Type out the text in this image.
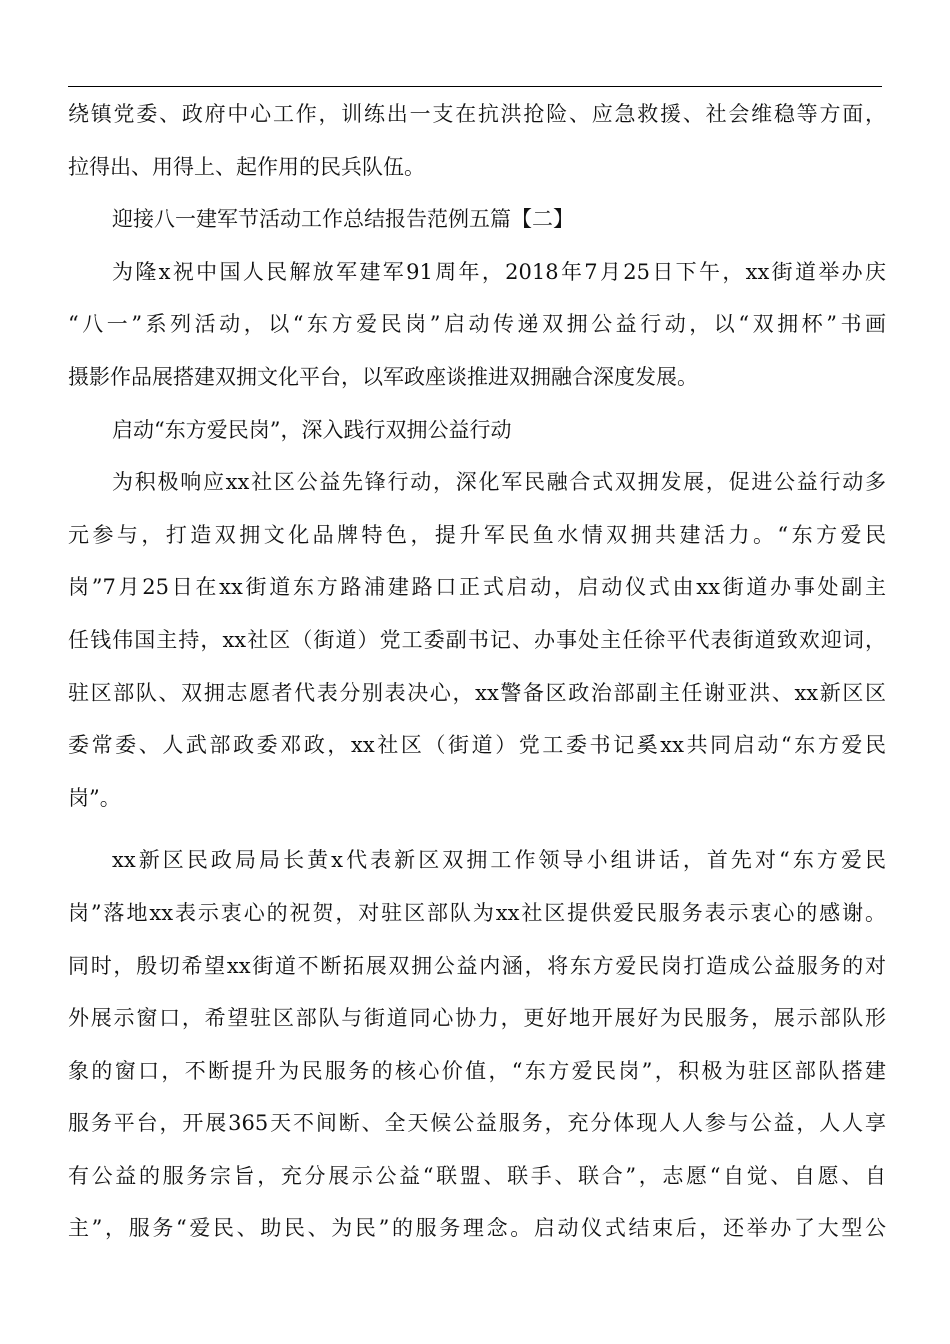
绕镇党委、政府中心工作，训练出一支在抗洪抢险、应急救援、社会维稳等方面，
拉得出、用得上、起作用的民兵队伍。
迎接八一建军节活动工作总结报告范例五篇【二】
为隆x祝中国人民解放军建军91周年，2018年7月25日下午，xx街道举办庆
“八一”系列活动，以“东方爱民岗”启动传递双拥公益行动，以“双拥杯”书画
摄影作品展搭建双拥文化平台，以军政座谈推进双拥融合深度发展。
启动“东方爱民岗”，深入践行双拥公益行动
为积极响应xx社区公益先锋行动，深化军民融合式双拥发展，促进公益行动多
元参与，打造双拥文化品牌特色，提升军民鱼水情双拥共建活力。“东方爱民
岗”7月25日在xx街道东方路浦建路口正式启动，启动仪式由xx街道办事处副主
任钱伟国主持，xx社区（街道）党工委副书记、办事处主任徐平代表街道致欢迎词，
驻区部队、双拥志愿者代表分别表决心，xx警备区政治部副主任谢亚洪、xx新区区
委常委、人武部政委邓政，xx社区（街道）党工委书记奚xx共同启动“东方爱民
岗”。
xx新区民政局局长黄x代表新区双拥工作领导小组讲话，首先对“东方爱民
岗”落地xx表示衷心的祝贺，对驻区部队为xx社区提供爱民服务表示衷心的感谢。
同时，殷切希望xx街道不断拓展双拥公益内涵，将东方爱民岗打造成公益服务的对
外展示窗口，希望驻区部队与街道同心协力，更好地开展好为民服务，展示部队形
象的窗口，不断提升为民服务的核心价值，“东方爱民岗”，积极为驻区部队搭建
服务平台，开展365天不间断、全天候公益服务，充分体现人人参与公益，人人享
有公益的服务宗旨，充分展示公益“联盟、联手、联合”，志愿“自觉、自愿、自
主”，服务“爱民、助民、为民”的服务理念。启动仪式结束后，还举办了大型公
